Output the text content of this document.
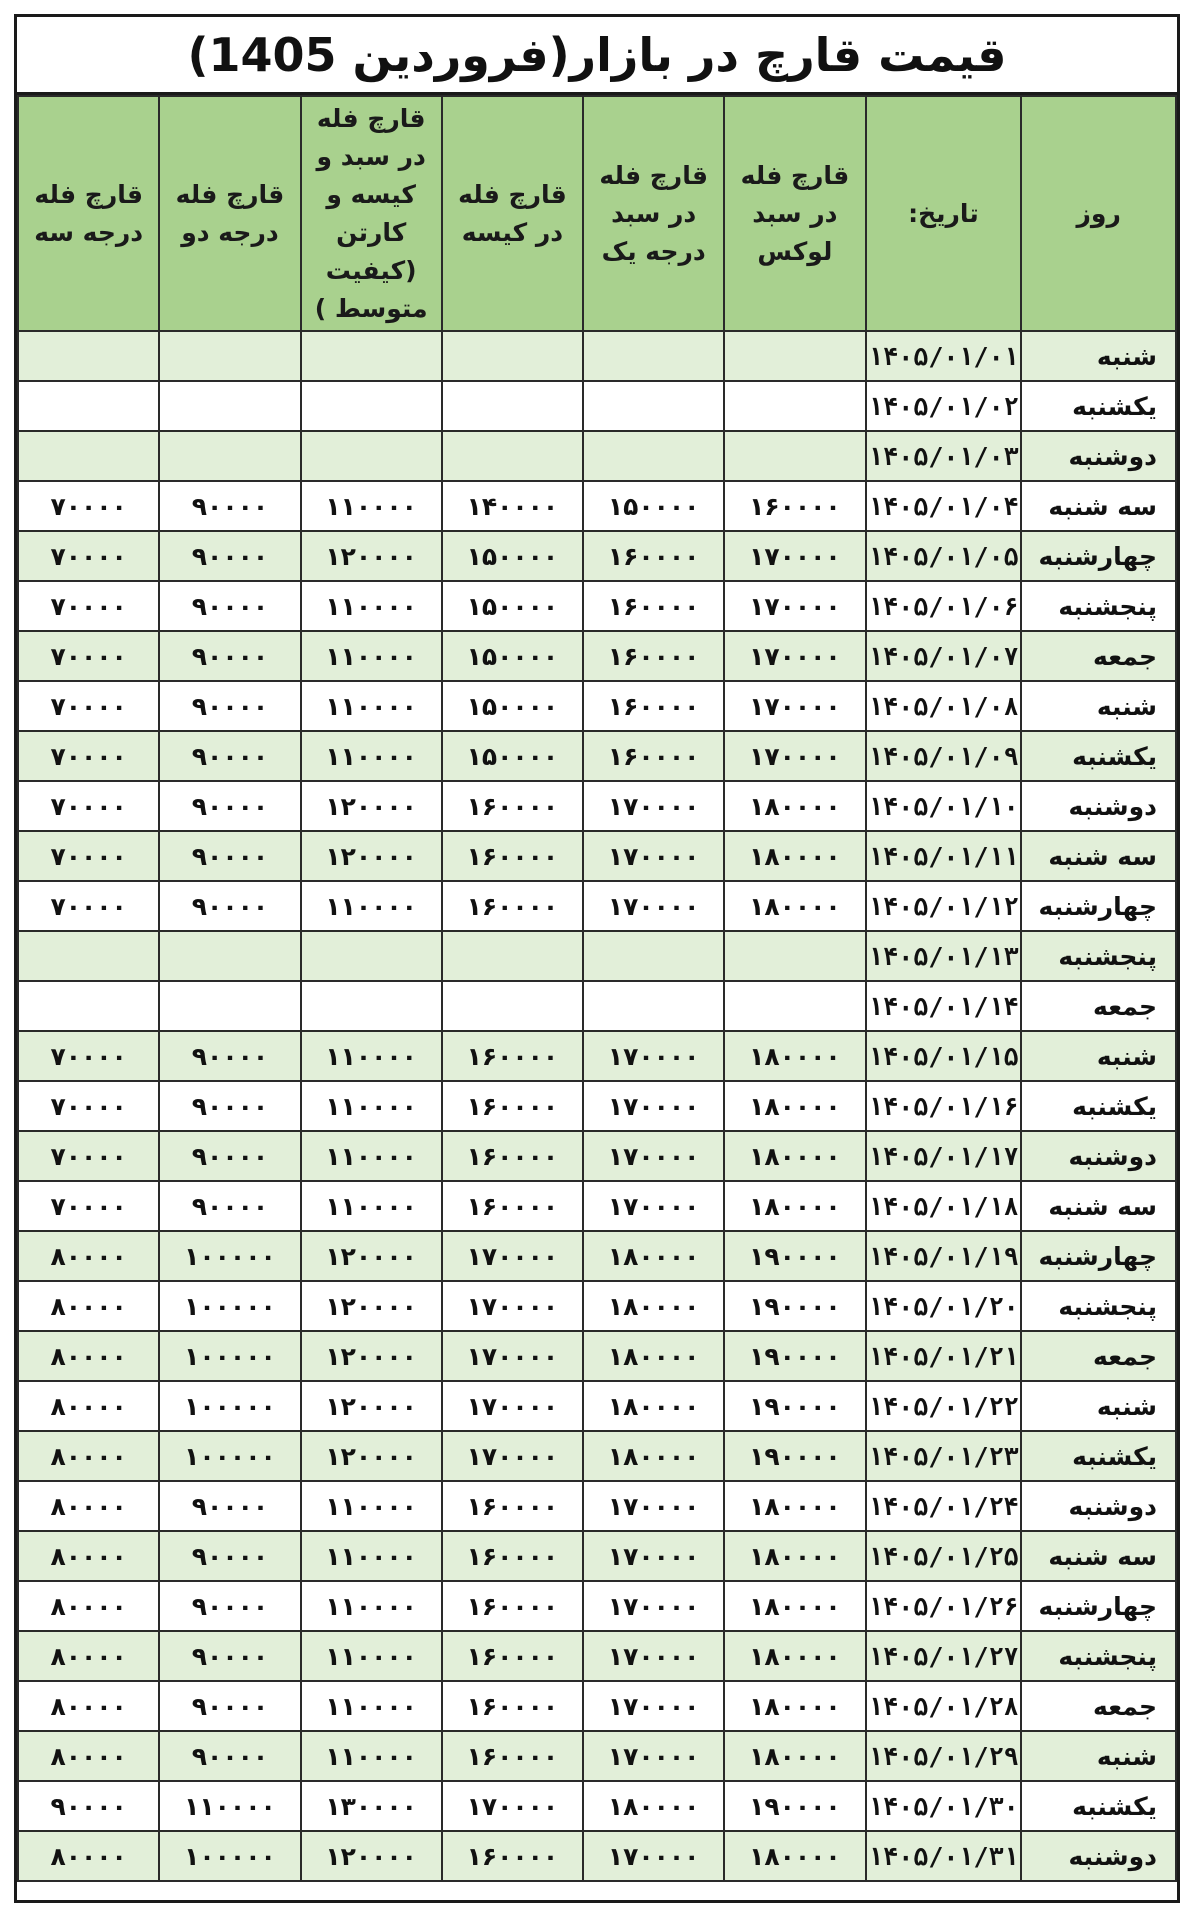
قیمت قارچ در بازار(فروردین 1405)
روز	تاریخ:	قارچ فله در سبد لوکس	قارچ فله در سبد درجه یک	قارچ فله در کیسه	قارچ فله در سبد و کیسه و کارتن (کیفیت متوسط )	قارچ فله درجه دو	قارچ فله درجه سه
شنبه	۱۴۰۵/۰۱/۰۱						
یکشنبه	۱۴۰۵/۰۱/۰۲						
دوشنبه	۱۴۰۵/۰۱/۰۳						
سه شنبه	۱۴۰۵/۰۱/۰۴	۱۶۰۰۰۰	۱۵۰۰۰۰	۱۴۰۰۰۰	۱۱۰۰۰۰	۹۰۰۰۰	۷۰۰۰۰
چهارشنبه	۱۴۰۵/۰۱/۰۵	۱۷۰۰۰۰	۱۶۰۰۰۰	۱۵۰۰۰۰	۱۲۰۰۰۰	۹۰۰۰۰	۷۰۰۰۰
پنجشنبه	۱۴۰۵/۰۱/۰۶	۱۷۰۰۰۰	۱۶۰۰۰۰	۱۵۰۰۰۰	۱۱۰۰۰۰	۹۰۰۰۰	۷۰۰۰۰
جمعه	۱۴۰۵/۰۱/۰۷	۱۷۰۰۰۰	۱۶۰۰۰۰	۱۵۰۰۰۰	۱۱۰۰۰۰	۹۰۰۰۰	۷۰۰۰۰
شنبه	۱۴۰۵/۰۱/۰۸	۱۷۰۰۰۰	۱۶۰۰۰۰	۱۵۰۰۰۰	۱۱۰۰۰۰	۹۰۰۰۰	۷۰۰۰۰
یکشنبه	۱۴۰۵/۰۱/۰۹	۱۷۰۰۰۰	۱۶۰۰۰۰	۱۵۰۰۰۰	۱۱۰۰۰۰	۹۰۰۰۰	۷۰۰۰۰
دوشنبه	۱۴۰۵/۰۱/۱۰	۱۸۰۰۰۰	۱۷۰۰۰۰	۱۶۰۰۰۰	۱۲۰۰۰۰	۹۰۰۰۰	۷۰۰۰۰
سه شنبه	۱۴۰۵/۰۱/۱۱	۱۸۰۰۰۰	۱۷۰۰۰۰	۱۶۰۰۰۰	۱۲۰۰۰۰	۹۰۰۰۰	۷۰۰۰۰
چهارشنبه	۱۴۰۵/۰۱/۱۲	۱۸۰۰۰۰	۱۷۰۰۰۰	۱۶۰۰۰۰	۱۱۰۰۰۰	۹۰۰۰۰	۷۰۰۰۰
پنجشنبه	۱۴۰۵/۰۱/۱۳						
جمعه	۱۴۰۵/۰۱/۱۴						
شنبه	۱۴۰۵/۰۱/۱۵	۱۸۰۰۰۰	۱۷۰۰۰۰	۱۶۰۰۰۰	۱۱۰۰۰۰	۹۰۰۰۰	۷۰۰۰۰
یکشنبه	۱۴۰۵/۰۱/۱۶	۱۸۰۰۰۰	۱۷۰۰۰۰	۱۶۰۰۰۰	۱۱۰۰۰۰	۹۰۰۰۰	۷۰۰۰۰
دوشنبه	۱۴۰۵/۰۱/۱۷	۱۸۰۰۰۰	۱۷۰۰۰۰	۱۶۰۰۰۰	۱۱۰۰۰۰	۹۰۰۰۰	۷۰۰۰۰
سه شنبه	۱۴۰۵/۰۱/۱۸	۱۸۰۰۰۰	۱۷۰۰۰۰	۱۶۰۰۰۰	۱۱۰۰۰۰	۹۰۰۰۰	۷۰۰۰۰
چهارشنبه	۱۴۰۵/۰۱/۱۹	۱۹۰۰۰۰	۱۸۰۰۰۰	۱۷۰۰۰۰	۱۲۰۰۰۰	۱۰۰۰۰۰	۸۰۰۰۰
پنجشنبه	۱۴۰۵/۰۱/۲۰	۱۹۰۰۰۰	۱۸۰۰۰۰	۱۷۰۰۰۰	۱۲۰۰۰۰	۱۰۰۰۰۰	۸۰۰۰۰
جمعه	۱۴۰۵/۰۱/۲۱	۱۹۰۰۰۰	۱۸۰۰۰۰	۱۷۰۰۰۰	۱۲۰۰۰۰	۱۰۰۰۰۰	۸۰۰۰۰
شنبه	۱۴۰۵/۰۱/۲۲	۱۹۰۰۰۰	۱۸۰۰۰۰	۱۷۰۰۰۰	۱۲۰۰۰۰	۱۰۰۰۰۰	۸۰۰۰۰
یکشنبه	۱۴۰۵/۰۱/۲۳	۱۹۰۰۰۰	۱۸۰۰۰۰	۱۷۰۰۰۰	۱۲۰۰۰۰	۱۰۰۰۰۰	۸۰۰۰۰
دوشنبه	۱۴۰۵/۰۱/۲۴	۱۸۰۰۰۰	۱۷۰۰۰۰	۱۶۰۰۰۰	۱۱۰۰۰۰	۹۰۰۰۰	۸۰۰۰۰
سه شنبه	۱۴۰۵/۰۱/۲۵	۱۸۰۰۰۰	۱۷۰۰۰۰	۱۶۰۰۰۰	۱۱۰۰۰۰	۹۰۰۰۰	۸۰۰۰۰
چهارشنبه	۱۴۰۵/۰۱/۲۶	۱۸۰۰۰۰	۱۷۰۰۰۰	۱۶۰۰۰۰	۱۱۰۰۰۰	۹۰۰۰۰	۸۰۰۰۰
پنجشنبه	۱۴۰۵/۰۱/۲۷	۱۸۰۰۰۰	۱۷۰۰۰۰	۱۶۰۰۰۰	۱۱۰۰۰۰	۹۰۰۰۰	۸۰۰۰۰
جمعه	۱۴۰۵/۰۱/۲۸	۱۸۰۰۰۰	۱۷۰۰۰۰	۱۶۰۰۰۰	۱۱۰۰۰۰	۹۰۰۰۰	۸۰۰۰۰
شنبه	۱۴۰۵/۰۱/۲۹	۱۸۰۰۰۰	۱۷۰۰۰۰	۱۶۰۰۰۰	۱۱۰۰۰۰	۹۰۰۰۰	۸۰۰۰۰
یکشنبه	۱۴۰۵/۰۱/۳۰	۱۹۰۰۰۰	۱۸۰۰۰۰	۱۷۰۰۰۰	۱۳۰۰۰۰	۱۱۰۰۰۰	۹۰۰۰۰
دوشنبه	۱۴۰۵/۰۱/۳۱	۱۸۰۰۰۰	۱۷۰۰۰۰	۱۶۰۰۰۰	۱۲۰۰۰۰	۱۰۰۰۰۰	۸۰۰۰۰
